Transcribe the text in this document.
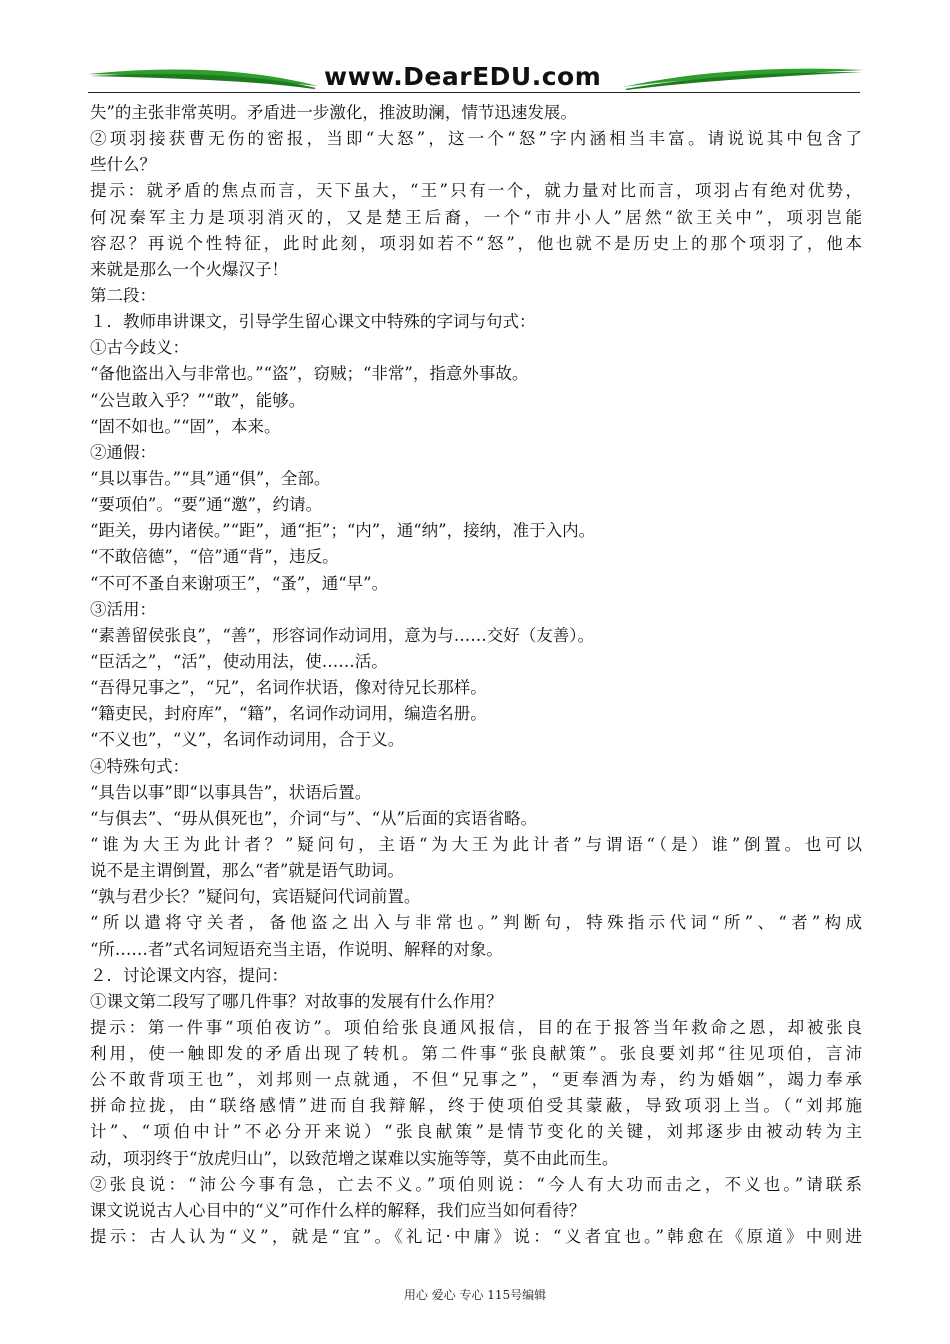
www.DearEDU.com
失”的主张非常英明。矛盾进一步激化，推波助澜，情节迅速发展。
②项羽接获曹无伤的密报，当即“大怒”，这一个“怒”字内涵相当丰富。请说说其中包含了
些什么？
提示：就矛盾的焦点而言，天下虽大，“王”只有一个，就力量对比而言，项羽占有绝对优势，
何况秦军主力是项羽消灭的，又是楚王后裔，一个“市井小人”居然“欲王关中”，项羽岂能
容忍？再说个性特征，此时此刻，项羽如若不“怒”，他也就不是历史上的那个项羽了，他本
来就是那么一个火爆汉子！
第二段：
１．教师串讲课文，引导学生留心课文中特殊的字词与句式：
①古今歧义：
“备他盗出入与非常也。”“盗”，窃贼；“非常”，指意外事故。
“公岂敢入乎？”“敢”，能够。
“固不如也。”“固”，本来。
②通假：
“具以事告。”“具”通“俱”，全部。
“要项伯”。“要”通“邀”，约请。
“距关，毋内诸侯。”“距”，通“拒”；“内”，通“纳”，接纳，准于入内。
“不敢倍德”，“倍”通“背”，违反。
“不可不蚤自来谢项王”，“蚤”，通“早”。
③活用：
“素善留侯张良”，“善”，形容词作动词用，意为与……交好（友善）。
“臣活之”，“活”，使动用法，使……活。
“吾得兄事之”，“兄”，名词作状语，像对待兄长那样。
“籍吏民，封府库”，“籍”，名词作动词用，编造名册。
“不义也”，“义”，名词作动词用，合于义。
④特殊句式：
“具告以事”即“以事具告”，状语后置。
“与俱去”、“毋从俱死也”，介词“与”、“从”后面的宾语省略。
“谁为大王为此计者？”疑问句，主语“为大王为此计者”与谓语“（是）谁”倒置。也可以
说不是主谓倒置，那么“者”就是语气助词。
“孰与君少长？”疑问句，宾语疑问代词前置。
“所以遣将守关者，备他盗之出入与非常也。”判断句，特殊指示代词“所”、“者”构成
“所……者”式名词短语充当主语，作说明、解释的对象。
２．讨论课文内容，提问：
①课文第二段写了哪几件事？对故事的发展有什么作用？
提示：第一件事“项伯夜访”。项伯给张良通风报信，目的在于报答当年救命之恩，却被张良
利用，使一触即发的矛盾出现了转机。第二件事“张良献策”。张良要刘邦“往见项伯，言沛
公不敢背项王也”，刘邦则一点就通，不但“兄事之”，“更奉酒为寿，约为婚姻”，竭力奉承
拼命拉拢，由“联络感情”进而自我辩解，终于使项伯受其蒙蔽，导致项羽上当。（“刘邦施
计”、“项伯中计”不必分开来说）“张良献策”是情节变化的关键，刘邦逐步由被动转为主
动，项羽终于“放虎归山”，以致范增之谋难以实施等等，莫不由此而生。
②张良说：“沛公今事有急，亡去不义。”项伯则说：“今人有大功而击之，不义也。”请联系
课文说说古人心目中的“义”可作什么样的解释，我们应当如何看待？
提示：古人认为“义”，就是“宜”。《礼记·中庸》说：“义者宜也。”韩愈在《原道》中则进
用心 爱心 专心 115号编辑
